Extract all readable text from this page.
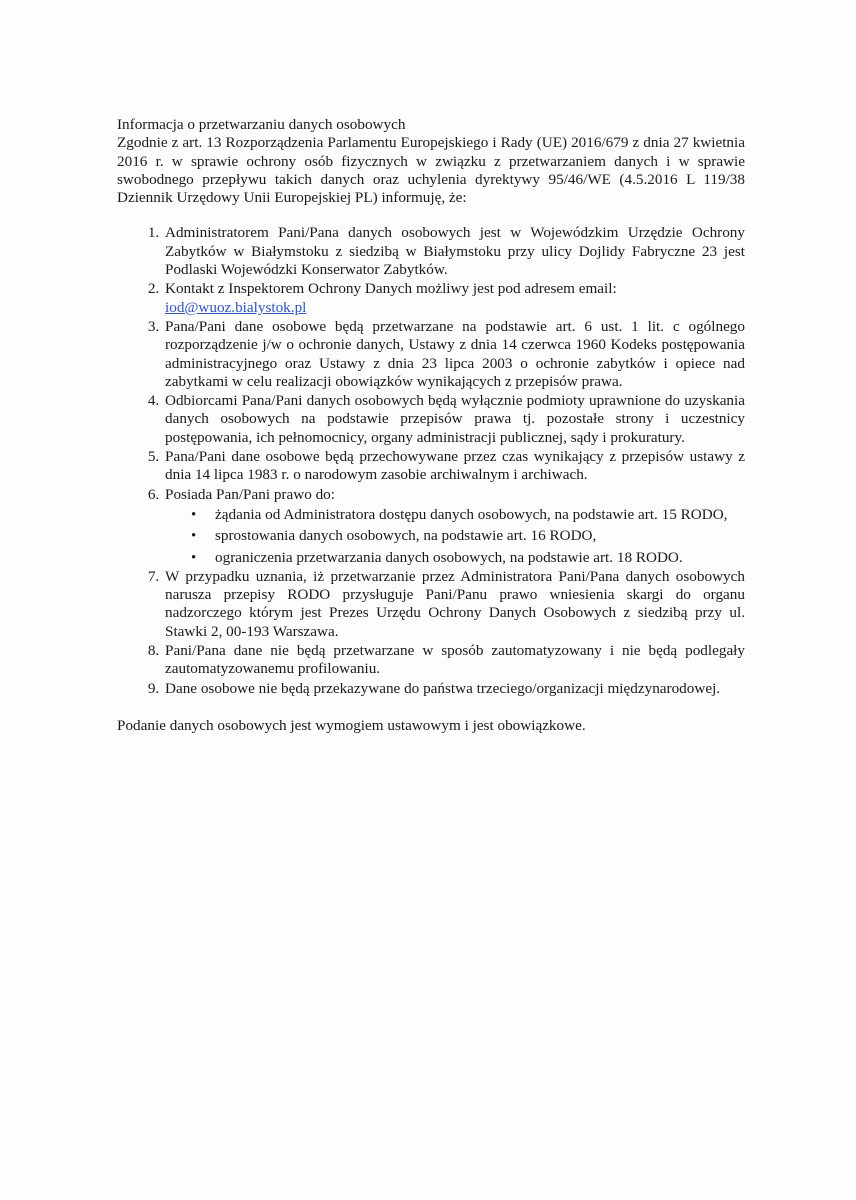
Informacja o przetwarzaniu danych osobowych

Zgodnie z art. 13 Rozporządzenia Parlamentu Europejskiego i Rady (UE) 2016/679 z dnia 27 kwietnia 2016 r. w sprawie ochrony osób fizycznych w związku z przetwarzaniem danych i w sprawie swobodnego przepływu takich danych oraz uchylenia dyrektywy 95/46/WE (4.5.2016 L 119/38 Dziennik Urzędowy Unii Europejskiej PL) informuję, że:

1. Administratorem Pani/Pana danych osobowych jest w Wojewódzkim Urzędzie Ochrony Zabytków w Białymstoku z siedzibą w Białymstoku przy ulicy Dojlidy Fabryczne 23 jest Podlaski Wojewódzki Konserwator Zabytków.
2. Kontakt z Inspektorem Ochrony Danych możliwy jest pod adresem email:
iod@wuoz.bialystok.pl
3. Pana/Pani dane osobowe będą przetwarzane na podstawie art. 6 ust. 1 lit. c ogólnego rozporządzenie j/w o ochronie danych, Ustawy z dnia 14 czerwca 1960 Kodeks postępowania administracyjnego oraz Ustawy z dnia 23 lipca 2003 o ochronie zabytków i opiece nad zabytkami w celu realizacji obowiązków wynikających z przepisów prawa.
4. Odbiorcami Pana/Pani danych osobowych będą wyłącznie podmioty uprawnione do uzyskania danych osobowych na podstawie przepisów prawa tj. pozostałe strony i uczestnicy postępowania, ich pełnomocnicy, organy administracji publicznej, sądy i prokuratury.
5. Pana/Pani dane osobowe będą przechowywane przez czas wynikający z przepisów ustawy z dnia 14 lipca 1983 r. o narodowym zasobie archiwalnym i archiwach.
6. Posiada Pan/Pani prawo do:
• żądania od Administratora dostępu danych osobowych, na podstawie art. 15 RODO,
• sprostowania danych osobowych, na podstawie art. 16 RODO,
• ograniczenia przetwarzania danych osobowych, na podstawie art. 18 RODO.
7. W przypadku uznania, iż przetwarzanie przez Administratora Pani/Pana danych osobowych narusza przepisy RODO przysługuje Pani/Panu prawo wniesienia skargi do organu nadzorczego którym jest Prezes Urzędu Ochrony Danych Osobowych z siedzibą przy ul. Stawki 2, 00-193 Warszawa.
8. Pani/Pana dane nie będą przetwarzane w sposób zautomatyzowany i nie będą podlegały zautomatyzowanemu profilowaniu.
9. Dane osobowe nie będą przekazywane do państwa trzeciego/organizacji międzynarodowej.

Podanie danych osobowych jest wymogiem ustawowym i jest obowiązkowe.
